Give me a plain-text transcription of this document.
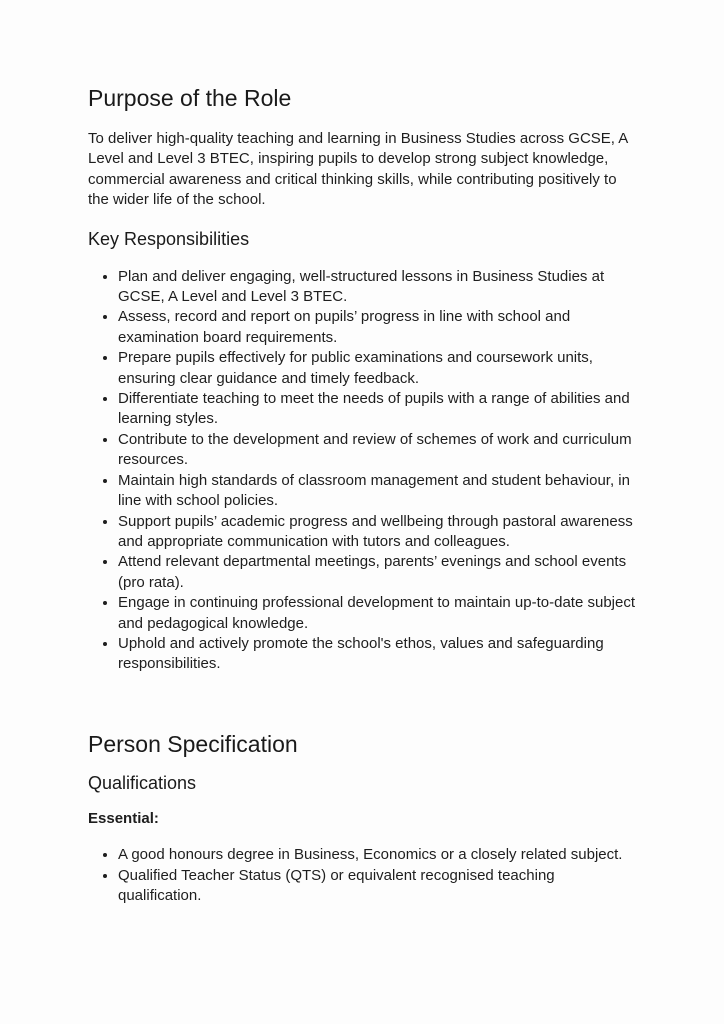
Purpose of the Role

To deliver high-quality teaching and learning in Business Studies across GCSE, A Level and Level 3 BTEC, inspiring pupils to develop strong subject knowledge, commercial awareness and critical thinking skills, while contributing positively to the wider life of the school.

Key Responsibilities
• Plan and deliver engaging, well-structured lessons in Business Studies at GCSE, A Level and Level 3 BTEC.
• Assess, record and report on pupils’ progress in line with school and examination board requirements.
• Prepare pupils effectively for public examinations and coursework units, ensuring clear guidance and timely feedback.
• Differentiate teaching to meet the needs of pupils with a range of abilities and learning styles.
• Contribute to the development and review of schemes of work and curriculum resources.
• Maintain high standards of classroom management and student behaviour, in line with school policies.
• Support pupils’ academic progress and wellbeing through pastoral awareness and appropriate communication with tutors and colleagues.
• Attend relevant departmental meetings, parents’ evenings and school events (pro rata).
• Engage in continuing professional development to maintain up-to-date subject and pedagogical knowledge.
• Uphold and actively promote the school's ethos, values and safeguarding responsibilities.
Person Specification
Qualifications

Essential:

• A good honours degree in Business, Economics or a closely related subject.
• Qualified Teacher Status (QTS) or equivalent recognised teaching qualification.
